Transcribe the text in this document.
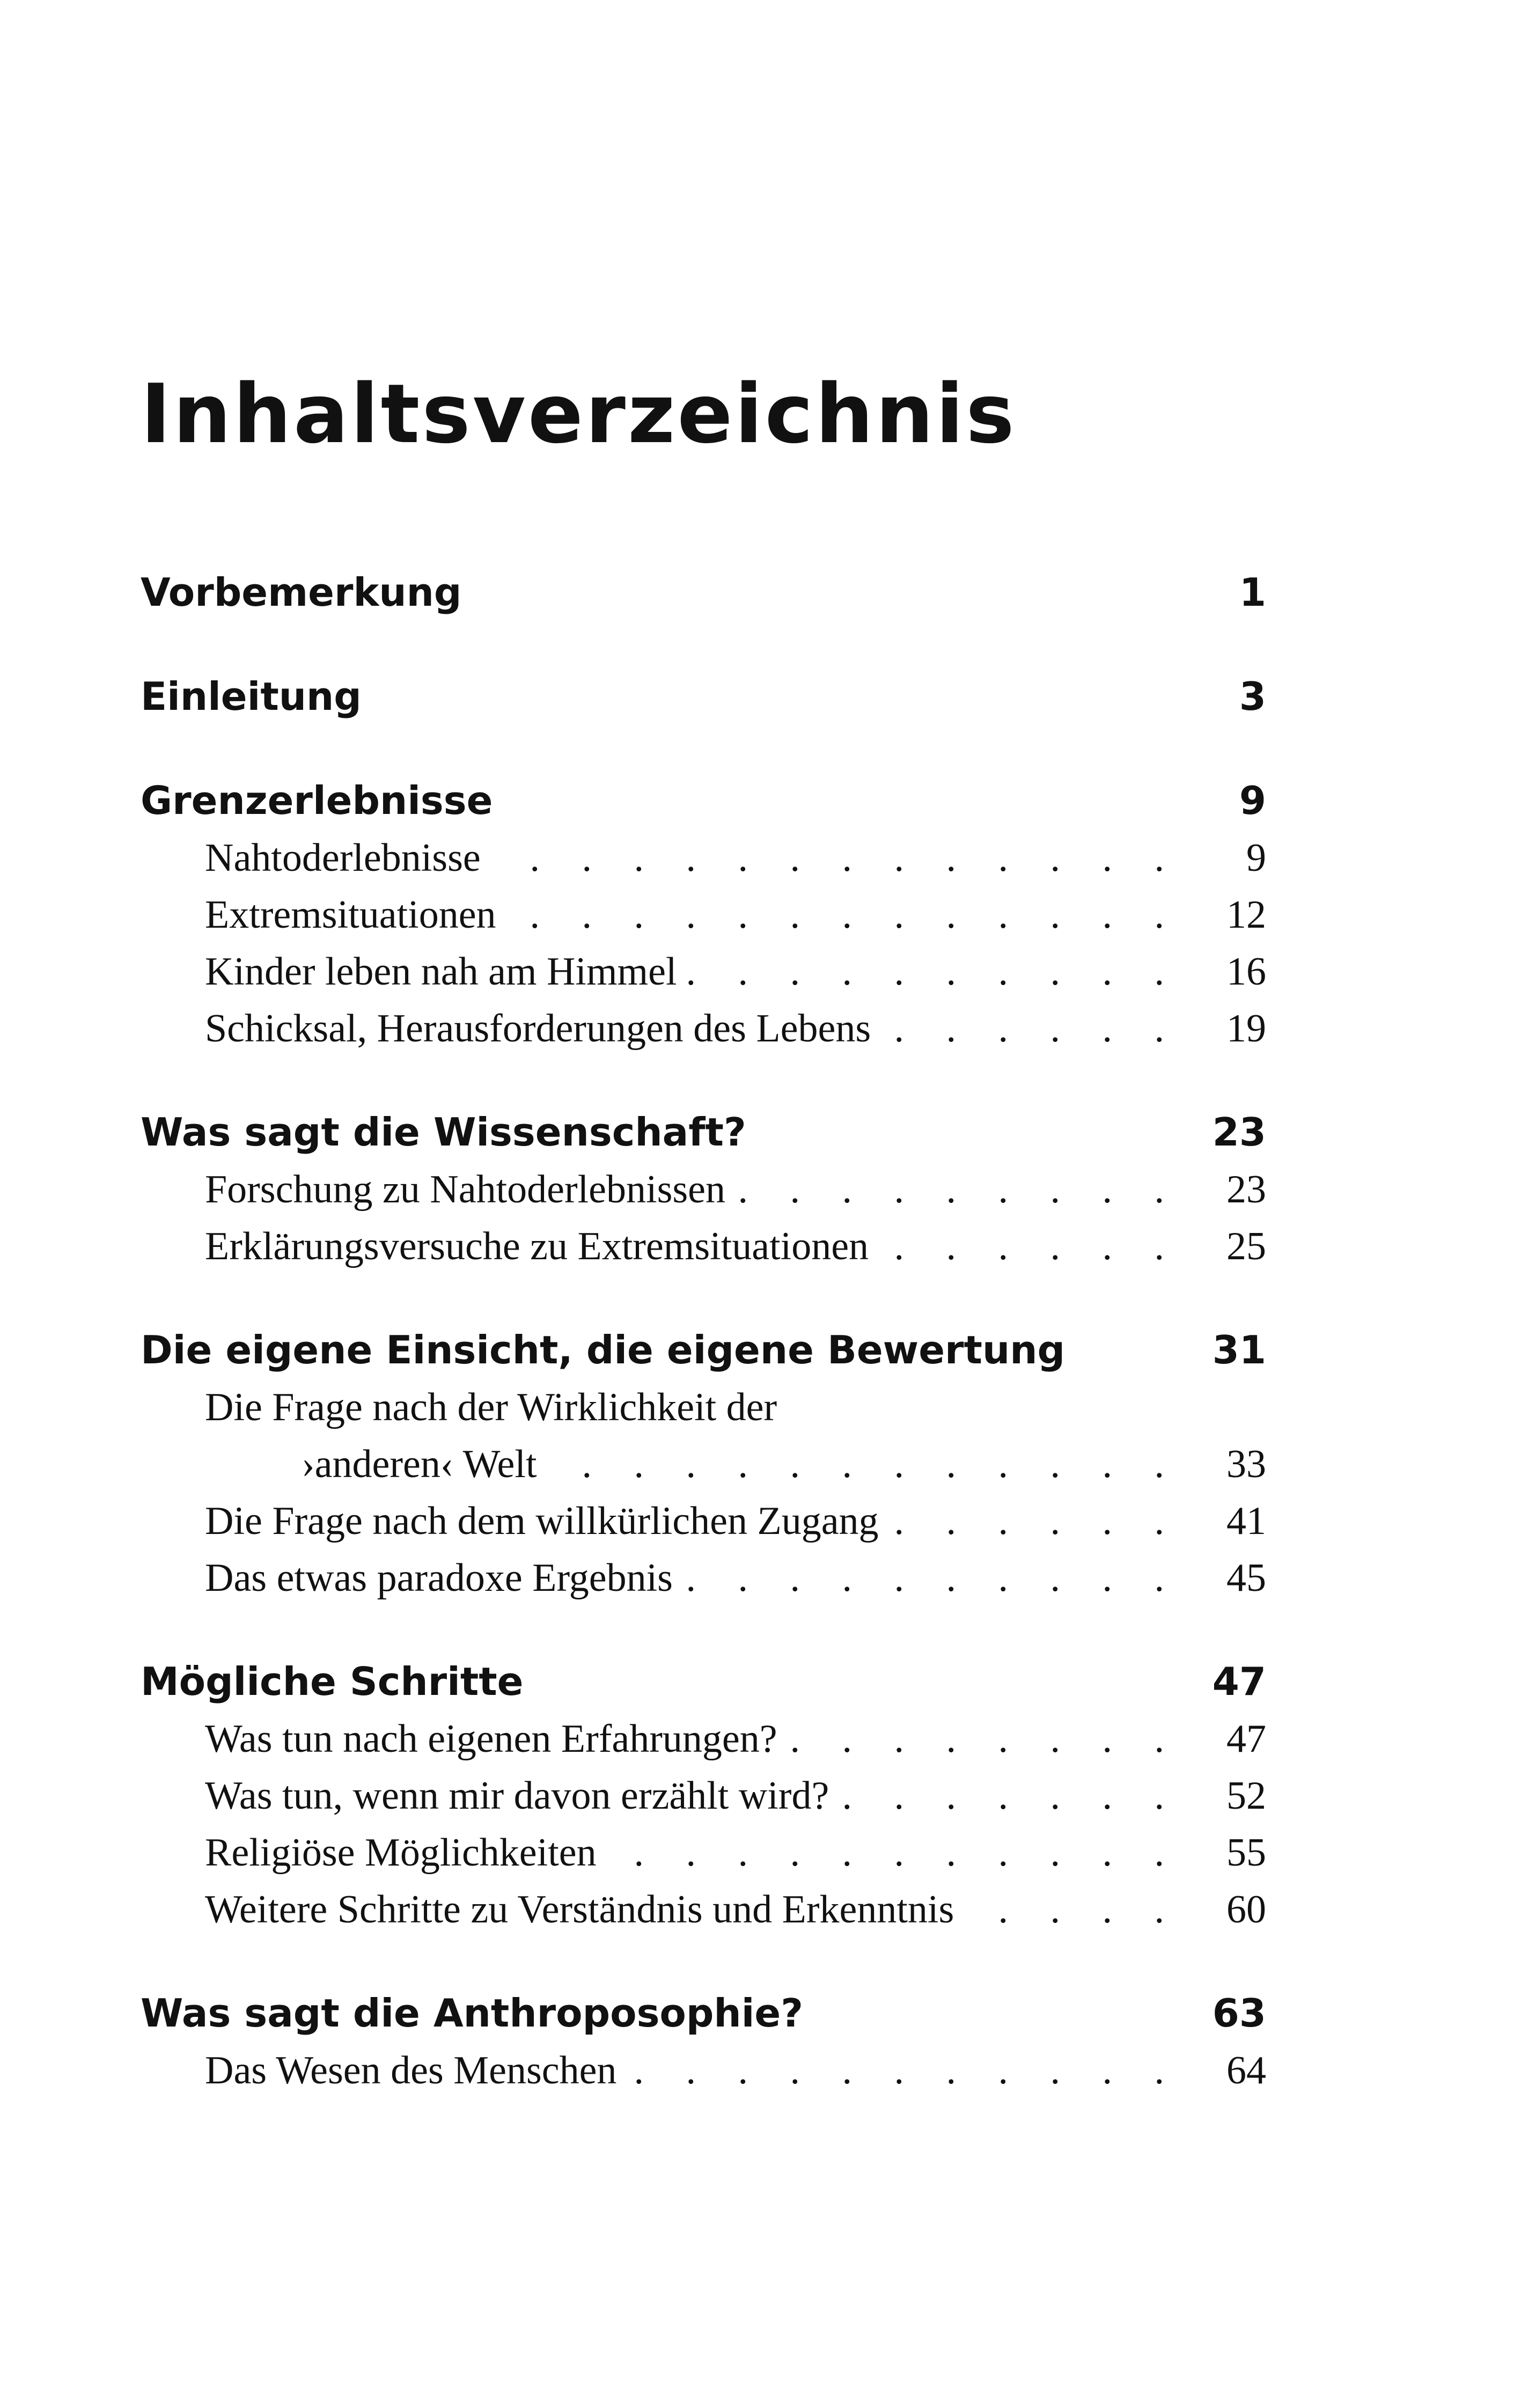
Inhaltsverzeichnis
Vorbemerkung	1
Einleitung	3
Grenzerlebnisse	9
Nahtoderlebnisse . . .	9
Extremsituationen . . .	12
Kinder leben nah am Himmel . . .	16
Schicksal, Herausforderungen des Lebens . . .	19
Was sagt die Wissenschaft?	23
Forschung zu Nahtoderlebnissen . . .	23
Erklärungsversuche zu Extremsituationen . . .	25
Die eigene Einsicht, die eigene Bewertung	31
Die Frage nach der Wirklichkeit der
›anderen‹ Welt . . .	33
Die Frage nach dem willkürlichen Zugang . . .	41
Das etwas paradoxe Ergebnis . . .	45
Mögliche Schritte	47
Was tun nach eigenen Erfahrungen? . . .	47
Was tun, wenn mir davon erzählt wird? . . .	52
Religiöse Möglichkeiten . . .	55
Weitere Schritte zu Verständnis und Erkenntnis . . .	60
Was sagt die Anthroposophie?	63
Das Wesen des Menschen . . .	64
